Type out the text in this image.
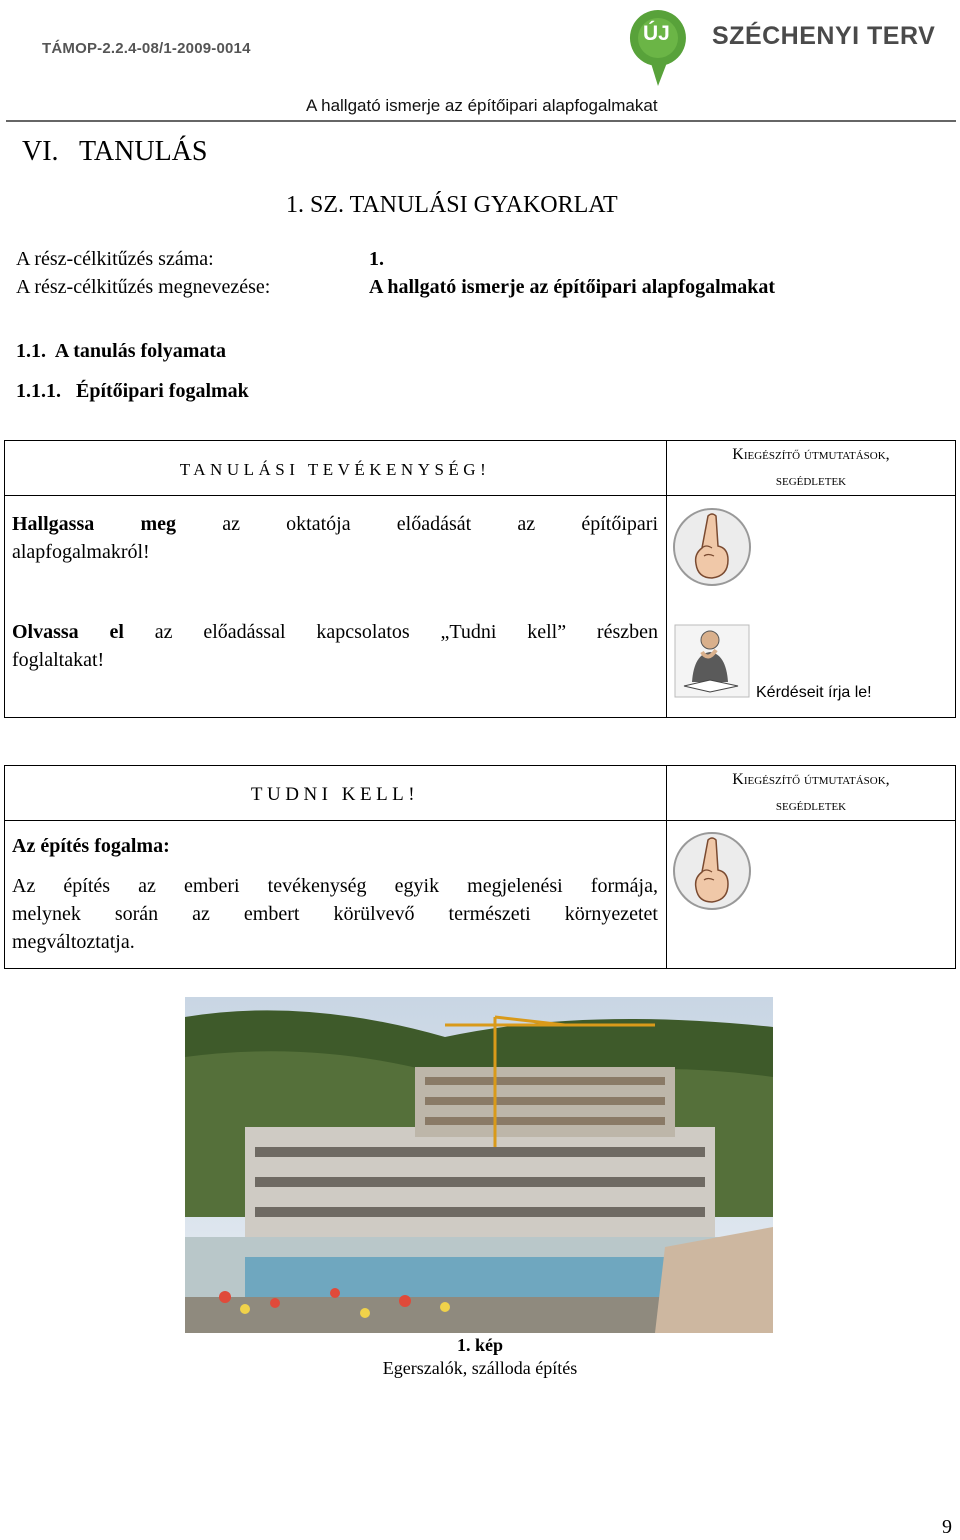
TÁMOP-2.2.4-08/1-2009-0014
ÚJ SZÉCHENYI TERV
A hallgató ismerje az építőipari alapfogalmakat
VI.   TANULÁS
1. SZ. TANULÁSI GYAKORLAT
A rész-célkitűzés száma:	1.
A rész-célkitűzés megnevezése:	A hallgató ismerje az építőipari alapfogalmakat
1.1.  A tanulás folyamata
1.1.1.   Építőipari fogalmak
TANULÁSI TEVÉKENYSÉG!
Kiegészítő útmutatások,
segédletek
Hallgassa meg az oktatója előadását az építőipari
alapfogalmakról!
Olvassa el az előadással kapcsolatos „Tudni kell” részben
foglaltakat!
Kérdéseit írja le!
TUDNI KELL!
Kiegészítő útmutatások,
segédletek
Az építés fogalma:
Az építés az emberi tevékenység egyik megjelenési formája,
melynek során az embert körülvevő természeti környezetet
megváltoztatja.
1. kép
Egerszalók, szálloda építés
9
